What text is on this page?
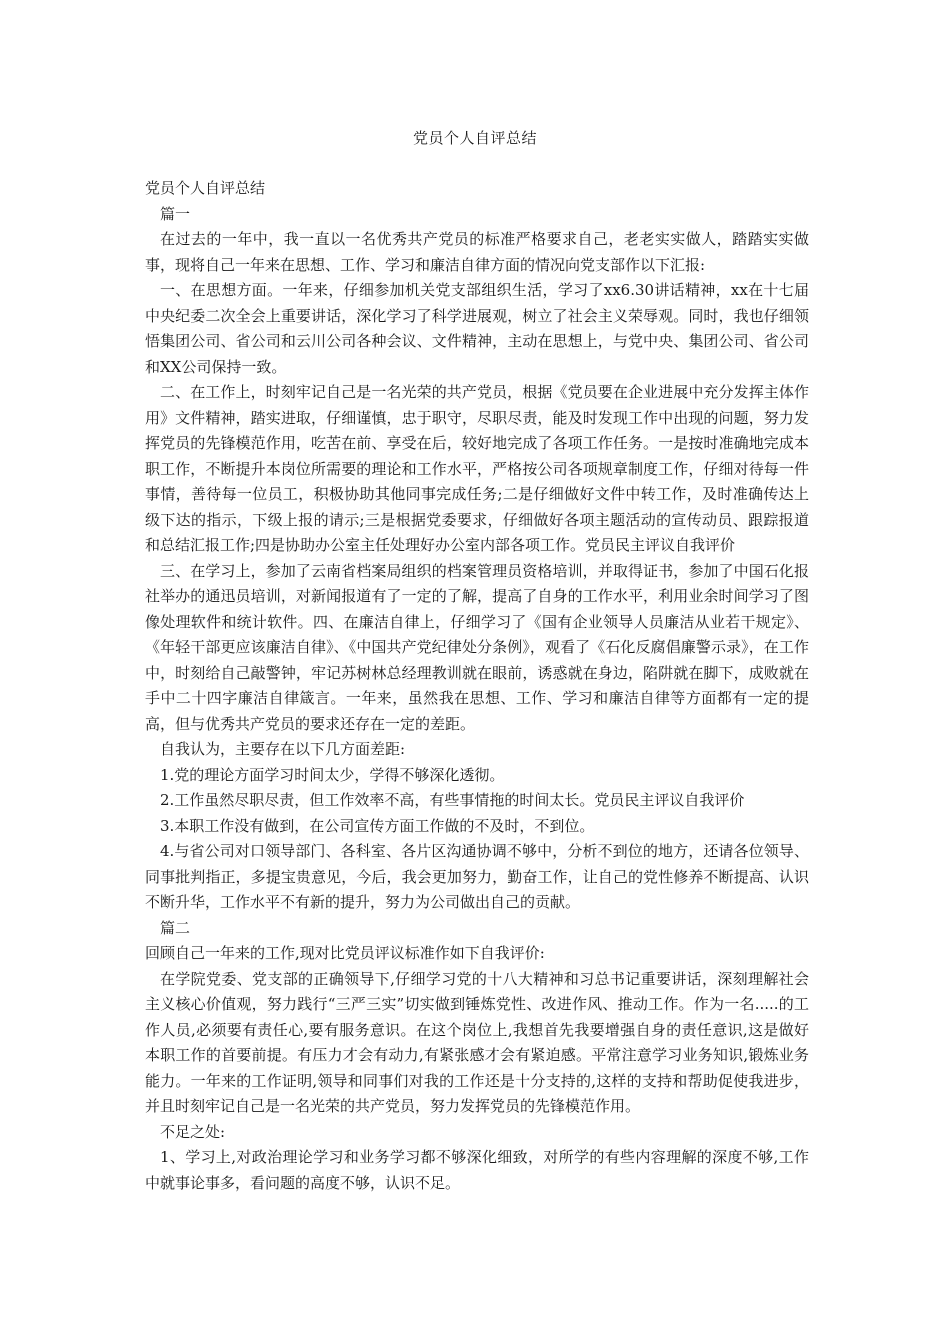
党员个人自评总结

党员个人自评总结

篇一

在过去的一年中，我一直以一名优秀共产党员的标准严格要求自己，老老实实做人，踏踏实实做事，现将自己一年来在思想、工作、学习和廉洁自律方面的情况向党支部作以下汇报:

一、在思想方面。一年来，仔细参加机关党支部组织生活，学习了xx6.30讲话精神，xx在十七届中央纪委二次全会上重要讲话，深化学习了科学进展观，树立了社会主义荣辱观。同时，我也仔细领悟集团公司、省公司和云川公司各种会议、文件精神，主动在思想上，与党中央、集团公司、省公司和XX公司保持一致。

二、在工作上，时刻牢记自己是一名光荣的共产党员，根据《党员要在企业进展中充分发挥主体作用》文件精神，踏实进取，仔细谨慎，忠于职守，尽职尽责，能及时发现工作中出现的问题，努力发挥党员的先锋模范作用，吃苦在前、享受在后，较好地完成了各项工作任务。一是按时准确地完成本职工作，不断提升本岗位所需要的理论和工作水平，严格按公司各项规章制度工作，仔细对待每一件事情，善待每一位员工，积极协助其他同事完成任务;二是仔细做好文件中转工作，及时准确传达上级下达的指示，下级上报的请示;三是根据党委要求，仔细做好各项主题活动的宣传动员、跟踪报道和总结汇报工作;四是协助办公室主任处理好办公室内部各项工作。党员民主评议自我评价

三、在学习上，参加了云南省档案局组织的档案管理员资格培训，并取得证书，参加了中国石化报社举办的通迅员培训，对新闻报道有了一定的了解，提高了自身的工作水平，利用业余时间学习了图像处理软件和统计软件。四、在廉洁自律上，仔细学习了《国有企业领导人员廉洁从业若干规定》、《年轻干部更应该廉洁自律》、《中国共产党纪律处分条例》，观看了《石化反腐倡廉警示录》，在工作中，时刻给自己敲警钟，牢记苏树林总经理教训就在眼前，诱惑就在身边，陷阱就在脚下，成败就在手中二十四字廉洁自律箴言。一年来，虽然我在思想、工作、学习和廉洁自律等方面都有一定的提高，但与优秀共产党员的要求还存在一定的差距。

自我认为，主要存在以下几方面差距:

1.党的理论方面学习时间太少，学得不够深化透彻。

2.工作虽然尽职尽责，但工作效率不高，有些事情拖的时间太长。党员民主评议自我评价

3.本职工作没有做到，在公司宣传方面工作做的不及时，不到位。

4.与省公司对口领导部门、各科室、各片区沟通协调不够中，分析不到位的地方，还请各位领导、同事批判指正，多提宝贵意见，今后，我会更加努力，勤奋工作，让自己的党性修养不断提高、认识不断升华，工作水平不有新的提升，努力为公司做出自己的贡献。

篇二

回顾自己一年来的工作,现对比党员评议标准作如下自我评价:

在学院党委、党支部的正确领导下,仔细学习党的十八大精神和习总书记重要讲话，深刻理解社会主义核心价值观，努力践行“三严三实”切实做到锤炼党性、改进作风、推动工作。作为一名.....的工作人员,必须要有责任心,要有服务意识。在这个岗位上,我想首先我要增强自身的责任意识,这是做好本职工作的首要前提。有压力才会有动力,有紧张感才会有紧迫感。平常注意学习业务知识,锻炼业务能力。一年来的工作证明,领导和同事们对我的工作还是十分支持的,这样的支持和帮助促使我进步，并且时刻牢记自己是一名光荣的共产党员，努力发挥党员的先锋模范作用。

不足之处:

1、学习上,对政治理论学习和业务学习都不够深化细致，对所学的有些内容理解的深度不够,工作中就事论事多，看问题的高度不够，认识不足。
